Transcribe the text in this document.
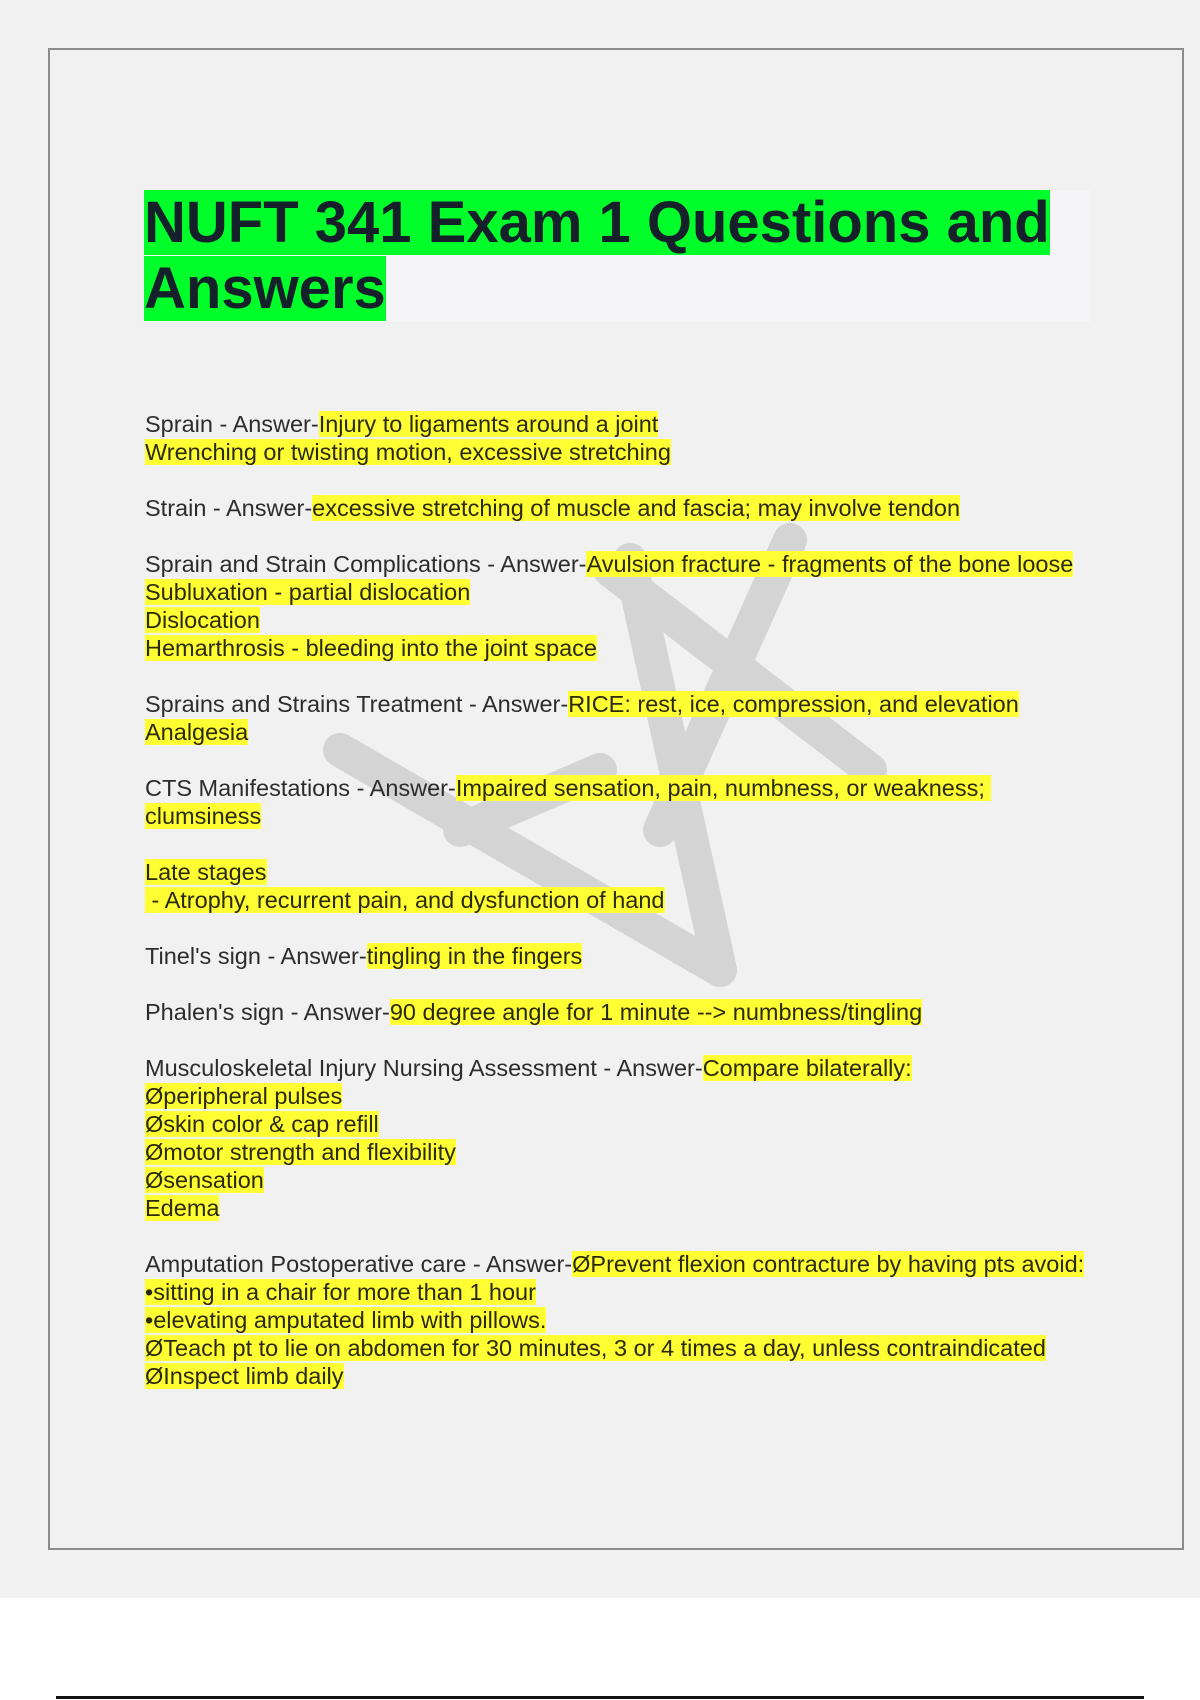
NUFT 341 Exam 1 Questions and Answers

Sprain - Answer-Injury to ligaments around a joint
Wrenching or twisting motion, excessive stretching

Strain - Answer-excessive stretching of muscle and fascia; may involve tendon

Sprain and Strain Complications - Answer-Avulsion fracture - fragments of the bone loose
Subluxation - partial dislocation
Dislocation
Hemarthrosis - bleeding into the joint space

Sprains and Strains Treatment - Answer-RICE: rest, ice, compression, and elevation
Analgesia

CTS Manifestations - Answer-Impaired sensation, pain, numbness, or weakness; clumsiness

Late stages
- Atrophy, recurrent pain, and dysfunction of hand

Tinel's sign - Answer-tingling in the fingers

Phalen's sign - Answer-90 degree angle for 1 minute --> numbness/tingling

Musculoskeletal Injury Nursing Assessment - Answer-Compare bilaterally:
Øperipheral pulses
Øskin color & cap refill
Ømotor strength and flexibility
Øsensation
Edema

Amputation Postoperative care - Answer-ØPrevent flexion contracture by having pts avoid:
•sitting in a chair for more than 1 hour
•elevating amputated limb with pillows.
ØTeach pt to lie on abdomen for 30 minutes, 3 or 4 times a day, unless contraindicated
ØInspect limb daily
